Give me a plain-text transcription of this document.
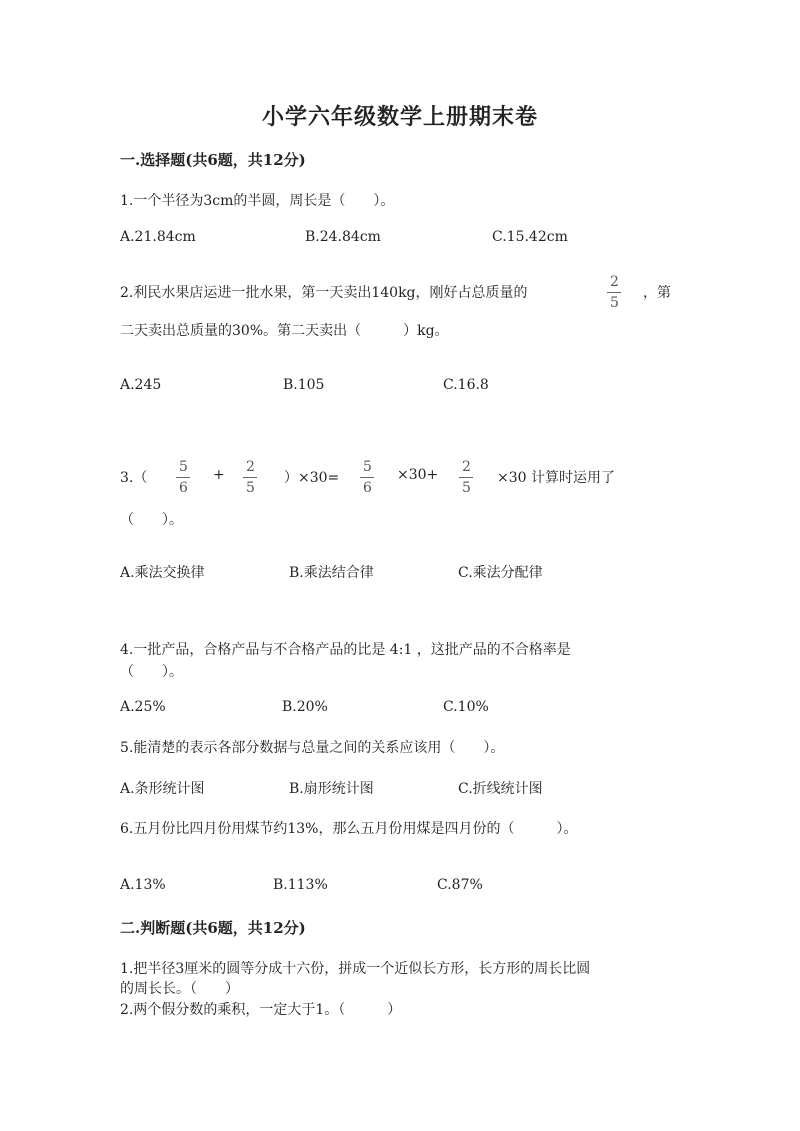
小学六年级数学上册期末卷
一.选择题(共6题，共12分)
1.一个半径为3cm的半圆，周长是（　　）。
A.21.84cm	B.24.84cm	C.15.42cm
2.利民水果店运进一批水果，第一天卖出140kg，刚好占总质量的
2
5
，第
二天卖出总质量的30%。第二天卖出（　　　）kg。
A.245	B.105	C.16.8
3.（
5
6
+ 2
5
）×30=
5
6
×30+ 2
5
×30 计算时运用了
（　　）。
A.乘法交换律	B.乘法结合律	C.乘法分配律
4.一批产品，合格产品与不合格产品的比是 4:1 ，这批产品的不合格率是
（　　）。
A.25%	B.20%	C.10%
5.能清楚的表示各部分数据与总量之间的关系应该用（　　）。
A.条形统计图	B.扇形统计图	C.折线统计图
6.五月份比四月份用煤节约13%，那么五月份用煤是四月份的（　　　）。
A.13%	B.113%	C.87%
二.判断题(共6题，共12分)
1.把半径3厘米的圆等分成十六份，拼成一个近似长方形，长方形的周长比圆
的周长长。（　　）
2.两个假分数的乘积，一定大于1。（　　　）
